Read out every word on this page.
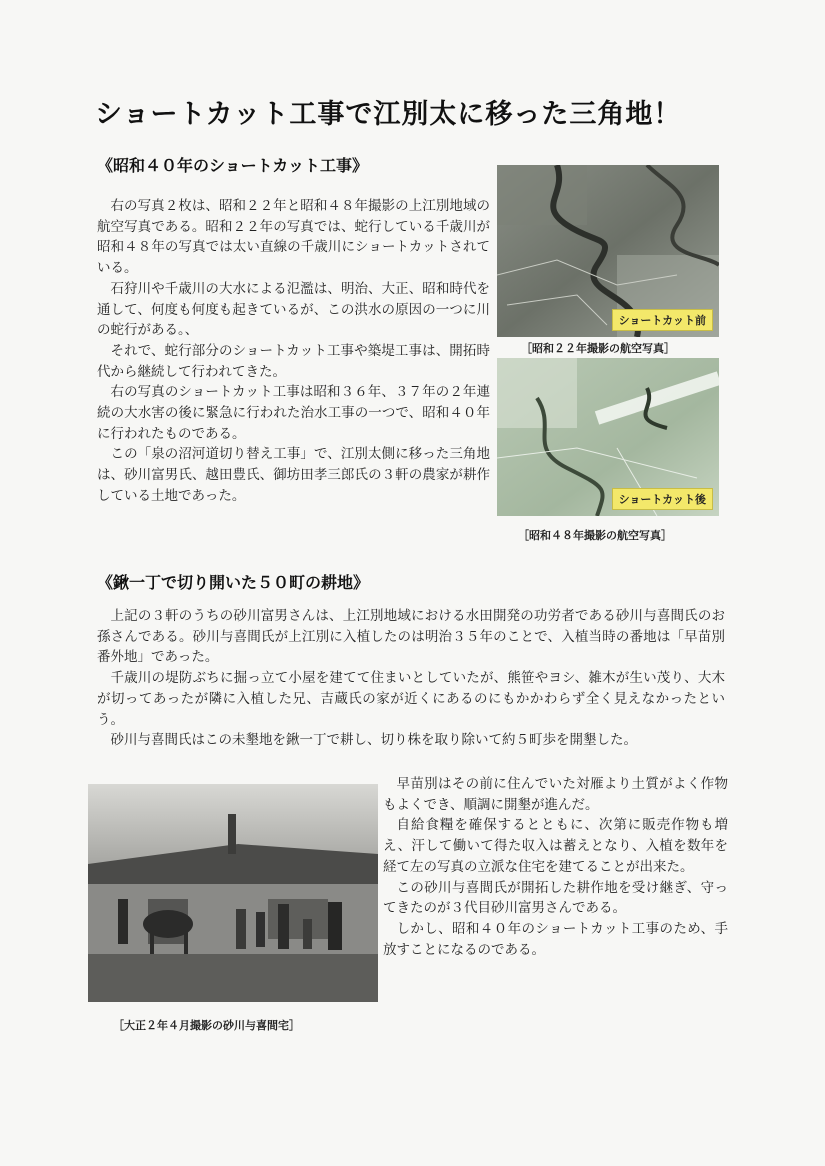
ショートカット工事で江別太に移った三角地！
《昭和４０年のショートカット工事》

右の写真２枚は、昭和２２年と昭和４８年撮影の上江別地域の航空写真である。昭和２２年の写真では、蛇行している千歳川が昭和４８年の写真では太い直線の千歳川にショートカットされている。

石狩川や千歳川の大水による氾濫は、明治、大正、昭和時代を通して、何度も何度も起きているが、この洪水の原因の一つに川の蛇行がある。、

それで、蛇行部分のショートカット工事や築堤工事は、開拓時代から継続して行われてきた。

右の写真のショートカット工事は昭和３６年、３７年の２年連続の大水害の後に緊急に行われた治水工事の一つで、昭和４０年に行われたものである。

この「泉の沼河道切り替え工事」で、江別太側に移った三角地は、砂川富男氏、越田豊氏、御坊田孝三郎氏の３軒の農家が耕作している土地であった。

ショートカット前
［昭和２２年撮影の航空写真］
ショートカット後
［昭和４８年撮影の航空写真］
《鍬一丁で切り開いた５０町の耕地》

上記の３軒のうちの砂川富男さんは、上江別地域における水田開発の功労者である砂川与喜間氏のお孫さんである。砂川与喜間氏が上江別に入植したのは明治３５年のことで、入植当時の番地は「早苗別番外地」であった。

千歳川の堤防ぶちに掘っ立て小屋を建てて住まいとしていたが、熊笹やヨシ、雑木が生い茂り、大木が切ってあったが隣に入植した兄、吉蔵氏の家が近くにあるのにもかかわらず全く見えなかったという。

砂川与喜間氏はこの未墾地を鍬一丁で耕し、切り株を取り除いて約５町歩を開墾した。

［大正２年４月撮影の砂川与喜間宅］

早苗別はその前に住んでいた対雁より土質がよく作物もよくでき、順調に開墾が進んだ。

自給食糧を確保するとともに、次第に販売作物も増え、汗して働いて得た収入は蓄えとなり、入植を数年を経て左の写真の立派な住宅を建てることが出来た。

この砂川与喜間氏が開拓した耕作地を受け継ぎ、守ってきたのが３代目砂川富男さんである。

しかし、昭和４０年のショートカット工事のため、手放すことになるのである。
